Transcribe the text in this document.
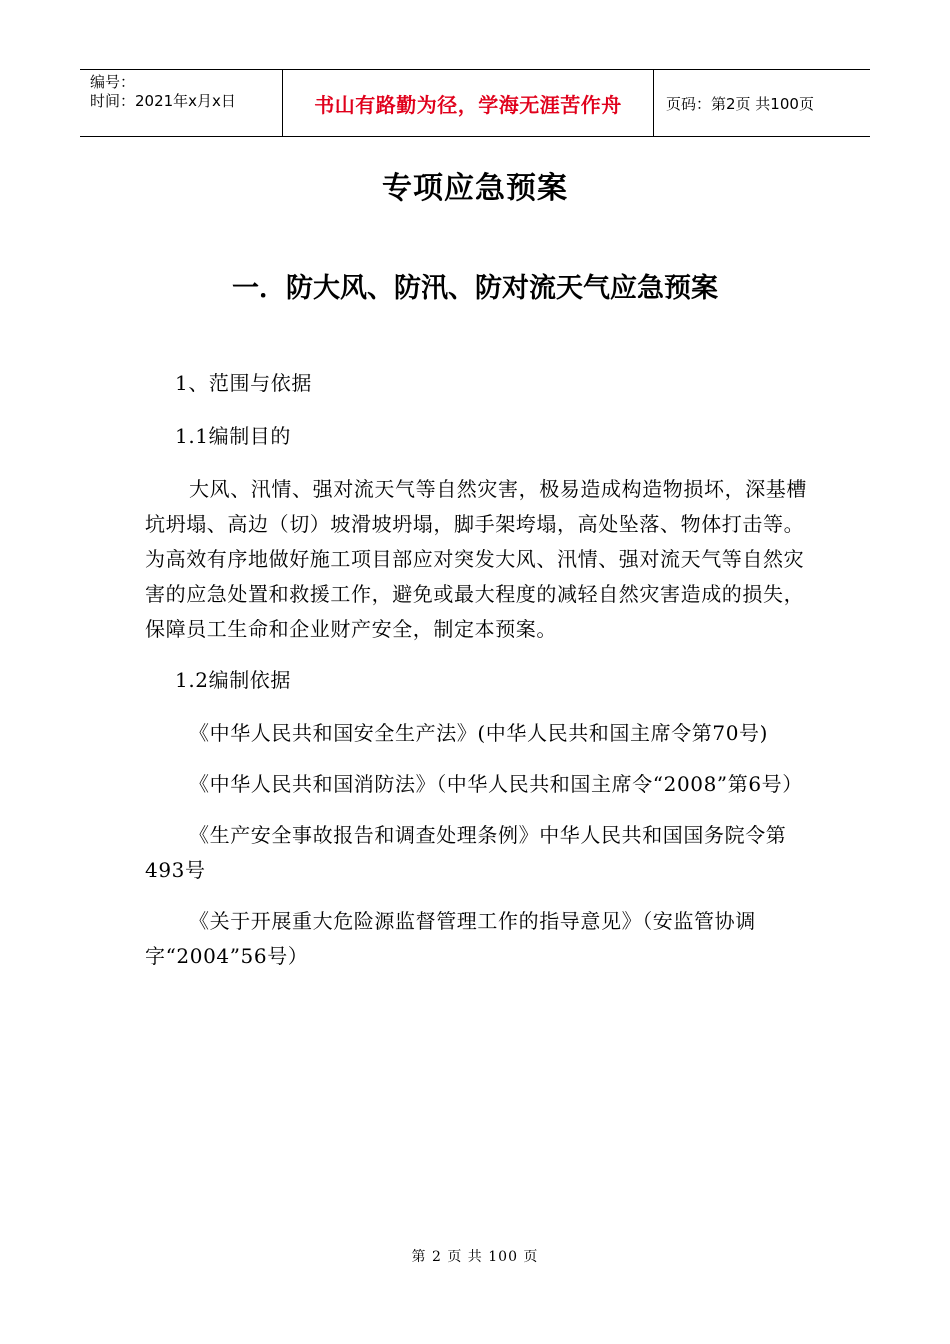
编号：
时间：2021年x月x日	书山有路勤为径，学海无涯苦作舟	页码：第2页 共100页
专项应急预案
一．防大风、防汛、防对流天气应急预案

1、范围与依据

1.1编制目的

大风、汛情、强对流天气等自然灾害，极易造成构造物损坏，深基槽坑坍塌、高边（切）坡滑坡坍塌，脚手架垮塌，高处坠落、物体打击等。为高效有序地做好施工项目部应对突发大风、汛情、强对流天气等自然灾害的应急处置和救援工作，避免或最大程度的减轻自然灾害造成的损失，保障员工生命和企业财产安全，制定本预案。

1.2编制依据

《中华人民共和国安全生产法》(中华人民共和国主席令第70号)

《中华人民共和国消防法》（中华人民共和国主席令“2008”第6号）

《生产安全事故报告和调查处理条例》中华人民共和国国务院令第493号

《关于开展重大危险源监督管理工作的指导意见》（安监管协调字“2004”56号）

第 2 页 共 100 页
